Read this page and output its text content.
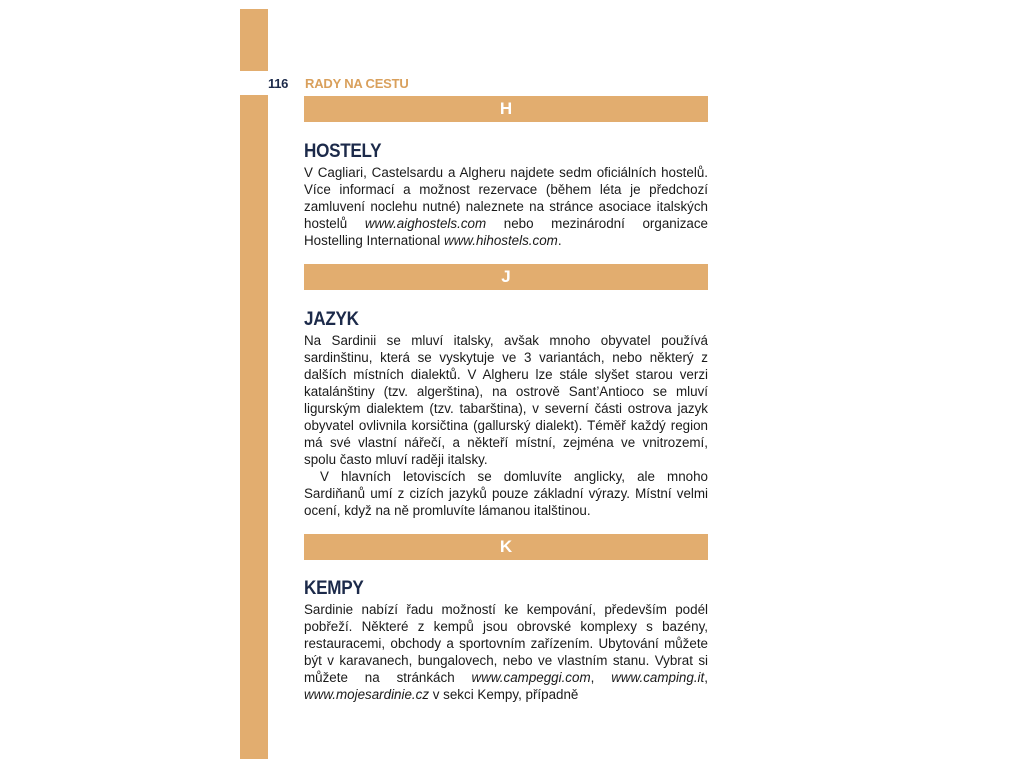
116 RADY NA CESTU
H
HOSTELY

V Cagliari, Castelsardu a Algheru najdete sedm oficiálních hostelů. Více informací a možnost rezervace (během léta je předchozí zamluvení noclehu nutné) naleznete na stránce asociace italských hostelů www.aighostels.com nebo mezinárodní organizace Hostelling International www.hihostels.com.

J
JAZYK

Na Sardinii se mluví italsky, avšak mnoho obyvatel používá sardinštinu, která se vyskytuje ve 3 variantách, nebo některý z dalších místních dialektů. V Algheru lze stále slyšet starou verzi katalánštiny (tzv. algerština), na ostrově Sant’Antioco se mluví ligurským dialektem (tzv. tabarština), v severní části ostrova jazyk obyvatel ovlivnila korsičtina (gallurský dialekt). Téměř každý region má své vlastní nářečí, a někteří místní, zejména ve vnitrozemí, spolu často mluví raději italsky.

V hlavních letoviscích se domluvíte anglicky, ale mnoho Sardiňanů umí z cizích jazyků pouze základní výrazy. Místní velmi ocení, když na ně promluvíte lámanou italštinou.

K
KEMPY

Sardinie nabízí řadu možností ke kempování, především podél pobřeží. Některé z kempů jsou obrovské komplexy s bazény, restauracemi, obchody a sportovním zařízením. Ubytování můžete být v karavanech, bungalovech, nebo ve vlastním stanu. Vybrat si můžete na stránkách www.campeggi.com, www.camping.it, www.mojesardinie.cz v sekci Kempy, případně
